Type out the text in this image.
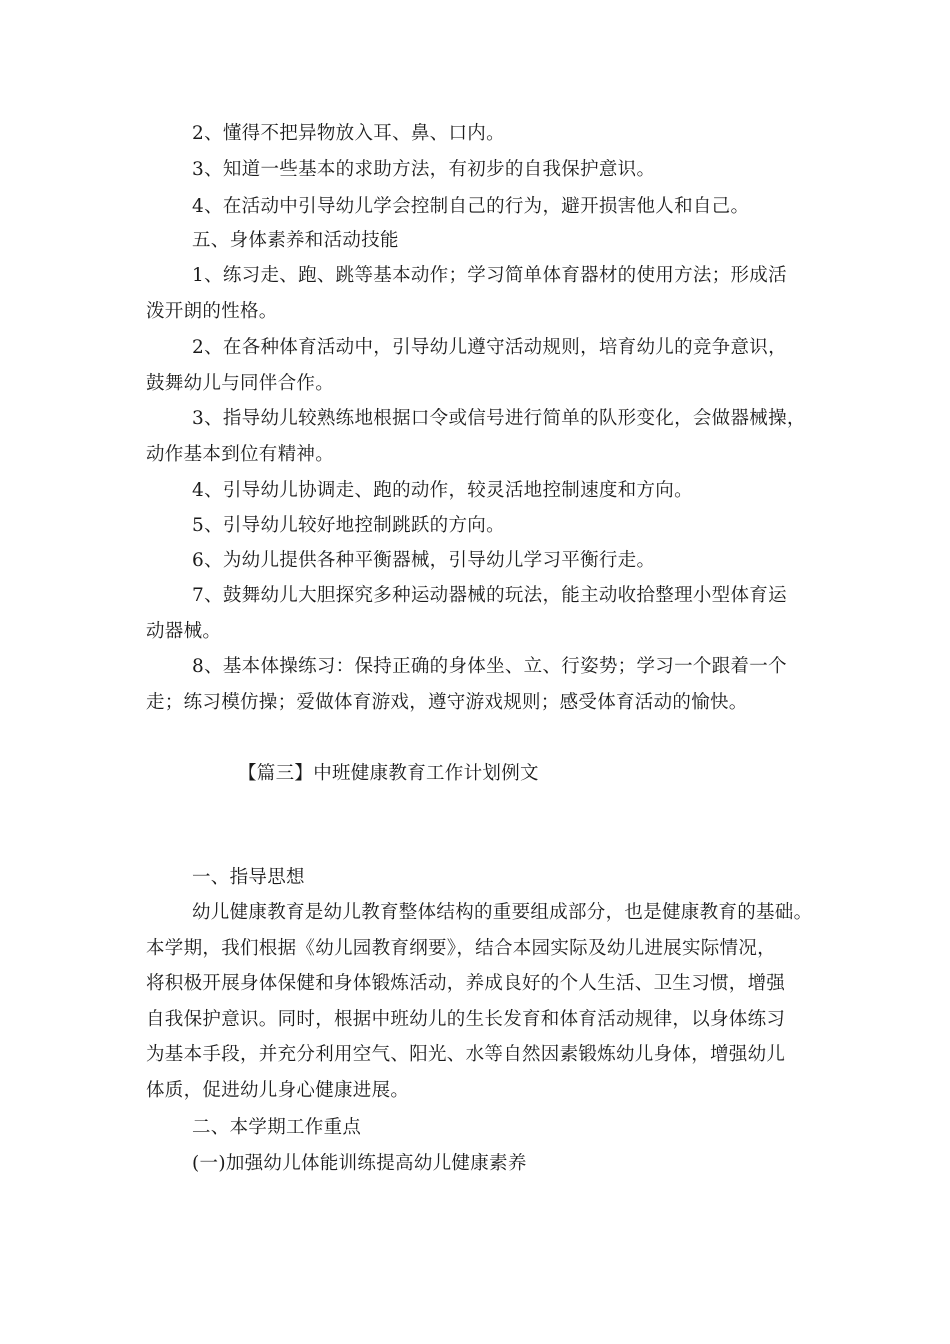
2、懂得不把异物放入耳、鼻、口内。
3、知道一些基本的求助方法，有初步的自我保护意识。
4、在活动中引导幼儿学会控制自己的行为，避开损害他人和自己。
五、身体素养和活动技能
1、练习走、跑、跳等基本动作；学习简单体育器材的使用方法；形成活
泼开朗的性格。
2、在各种体育活动中，引导幼儿遵守活动规则，培育幼儿的竞争意识，
鼓舞幼儿与同伴合作。
3、指导幼儿较熟练地根据口令或信号进行简单的队形变化，会做器械操，
动作基本到位有精神。
4、引导幼儿协调走、跑的动作，较灵活地控制速度和方向。
5、引导幼儿较好地控制跳跃的方向。
6、为幼儿提供各种平衡器械，引导幼儿学习平衡行走。
7、鼓舞幼儿大胆探究多种运动器械的玩法，能主动收拾整理小型体育运
动器械。
8、基本体操练习：保持正确的身体坐、立、行姿势；学习一个跟着一个
走；练习模仿操；爱做体育游戏，遵守游戏规则；感受体育活动的愉快。
【篇三】中班健康教育工作计划例文
一、指导思想
幼儿健康教育是幼儿教育整体结构的重要组成部分，也是健康教育的基础。
本学期，我们根据《幼儿园教育纲要》，结合本园实际及幼儿进展实际情况，
将积极开展身体保健和身体锻炼活动，养成良好的个人生活、卫生习惯，增强
自我保护意识。同时，根据中班幼儿的生长发育和体育活动规律，以身体练习
为基本手段，并充分利用空气、阳光、水等自然因素锻炼幼儿身体，增强幼儿
体质，促进幼儿身心健康进展。
二、本学期工作重点
(一)加强幼儿体能训练提高幼儿健康素养
